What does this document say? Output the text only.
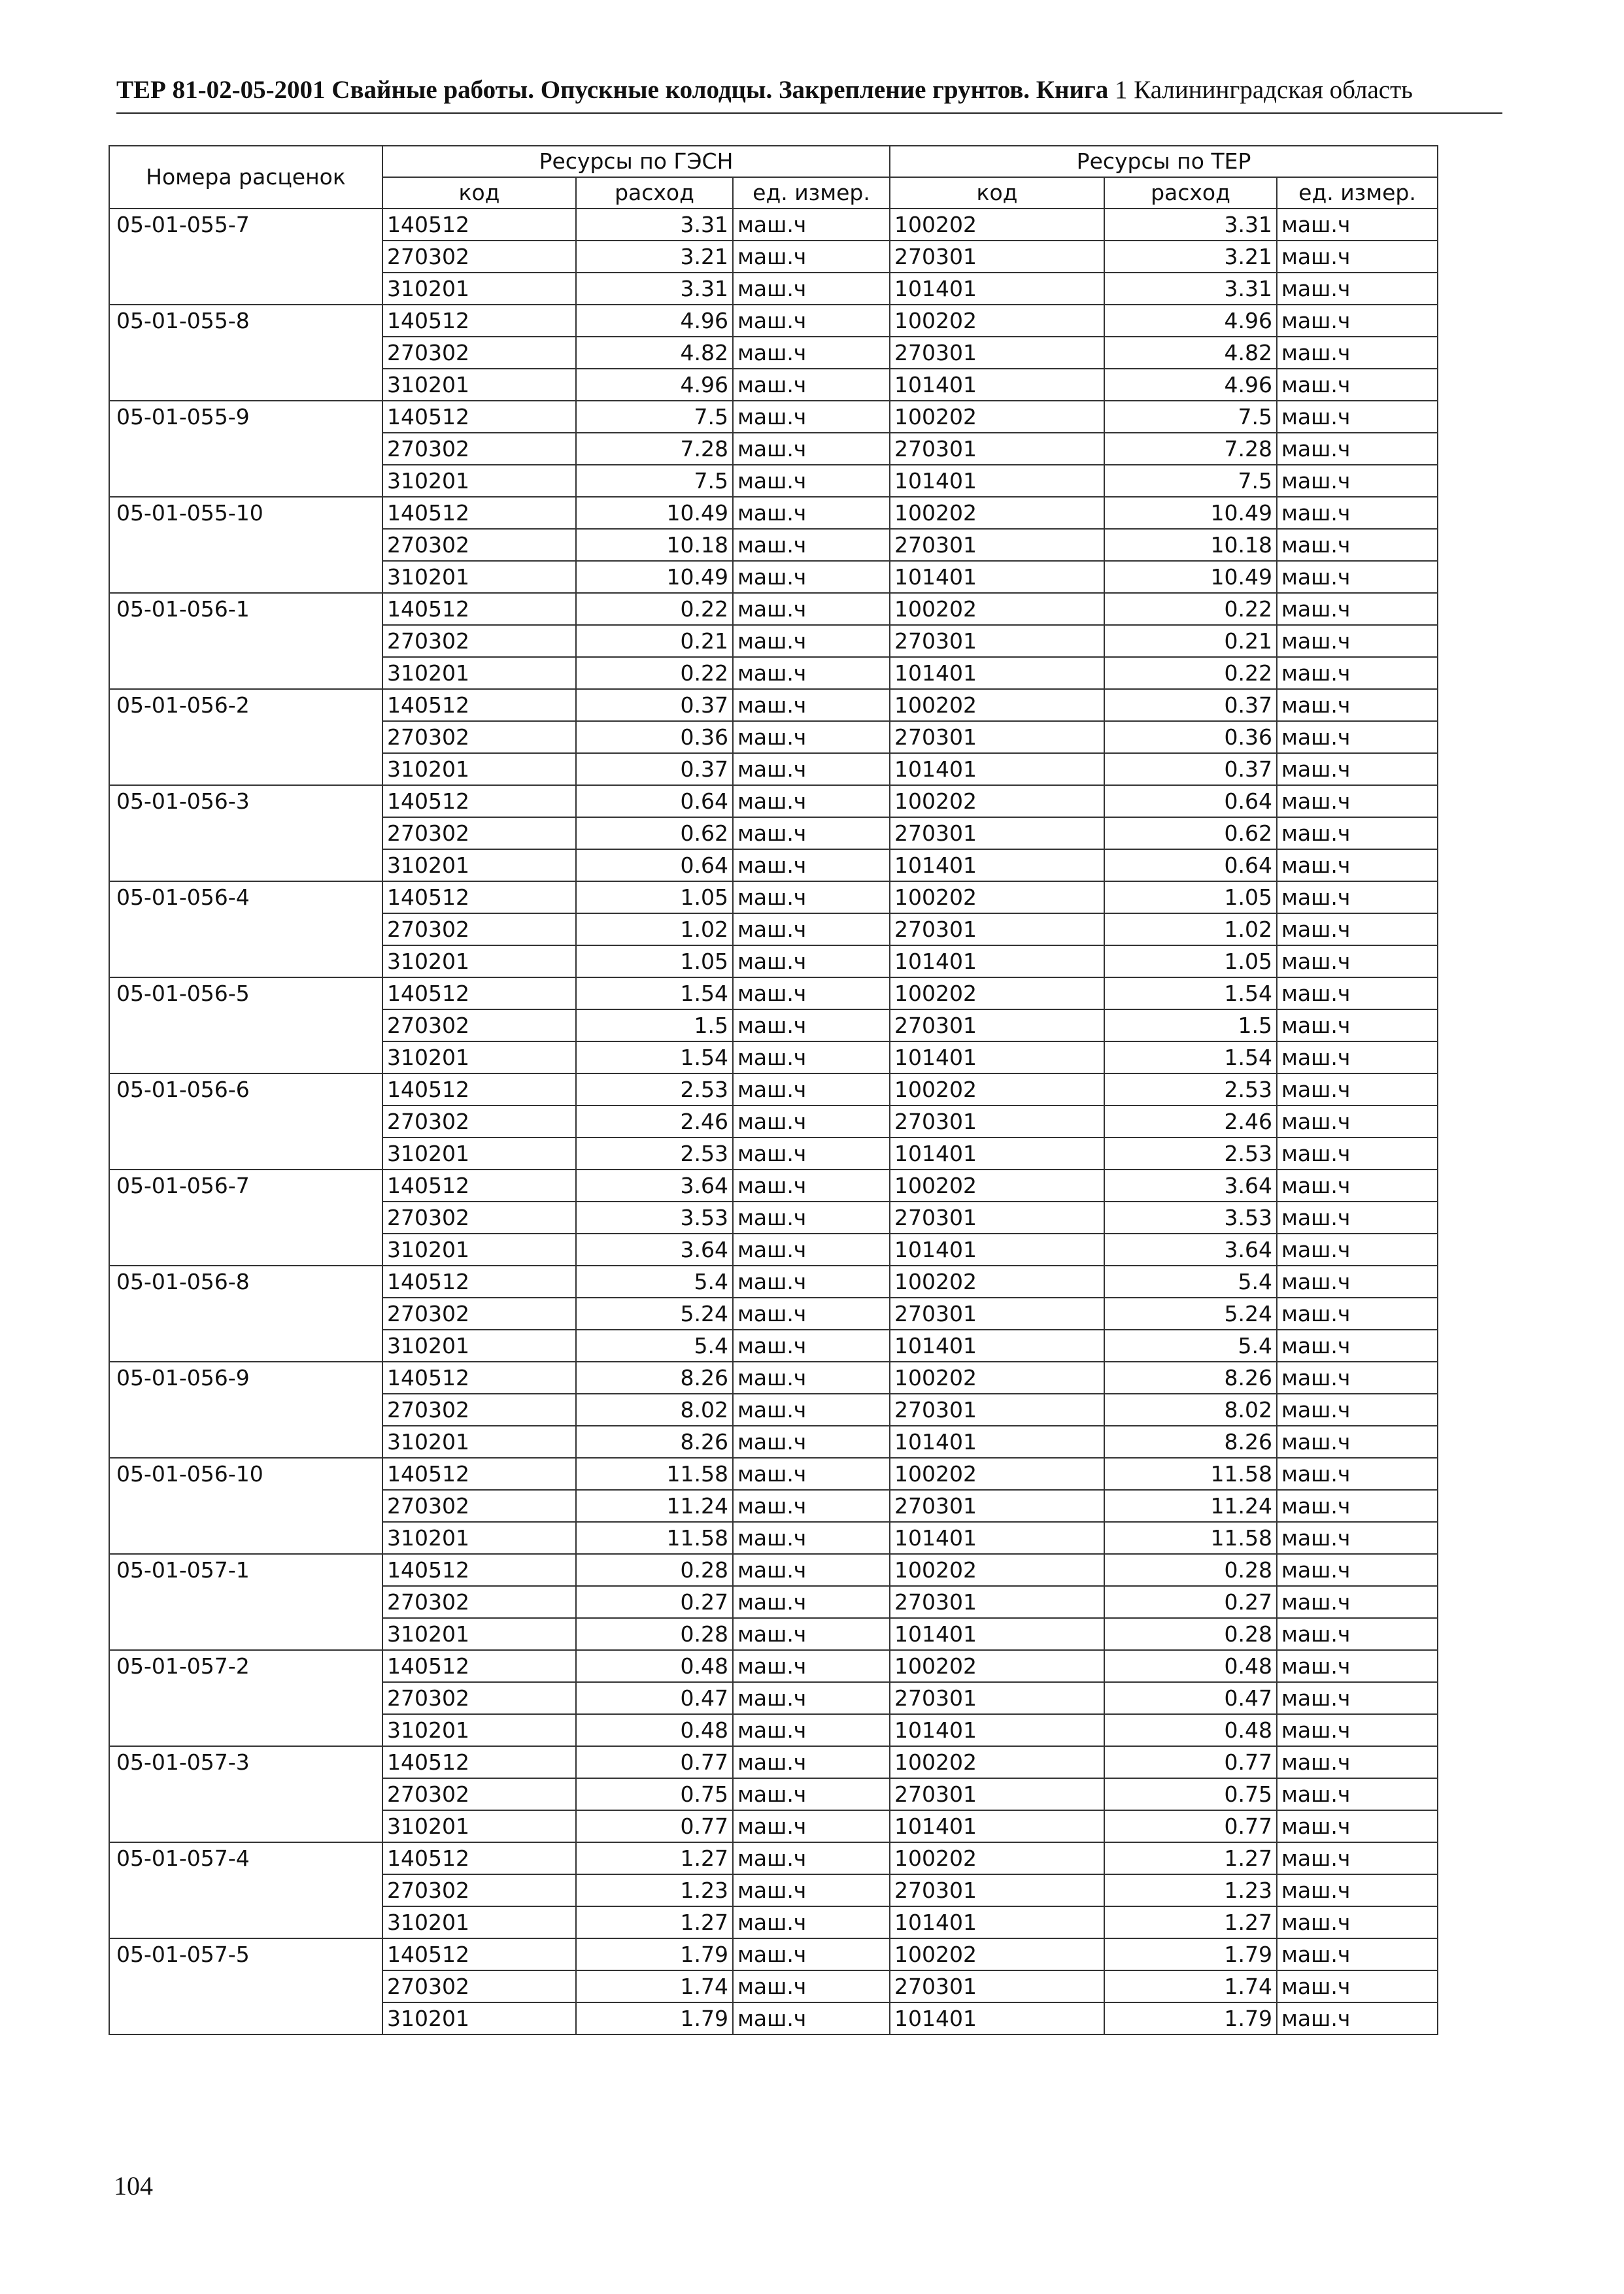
ТЕР 81-02-05-2001 Свайные работы. Опускные колодцы. Закрепление грунтов. Книга 1 Калининградская область
Номера расценок	Ресурсы по ГЭСН			Ресурсы по ТЕР		
	код	расход	ед. измер.	код	расход	ед. измер.
05-01-055-7	140512	3.31	маш.ч	100202	3.31	маш.ч
	270302	3.21	маш.ч	270301	3.21	маш.ч
	310201	3.31	маш.ч	101401	3.31	маш.ч
05-01-055-8	140512	4.96	маш.ч	100202	4.96	маш.ч
	270302	4.82	маш.ч	270301	4.82	маш.ч
	310201	4.96	маш.ч	101401	4.96	маш.ч
05-01-055-9	140512	7.5	маш.ч	100202	7.5	маш.ч
	270302	7.28	маш.ч	270301	7.28	маш.ч
	310201	7.5	маш.ч	101401	7.5	маш.ч
05-01-055-10	140512	10.49	маш.ч	100202	10.49	маш.ч
	270302	10.18	маш.ч	270301	10.18	маш.ч
	310201	10.49	маш.ч	101401	10.49	маш.ч
05-01-056-1	140512	0.22	маш.ч	100202	0.22	маш.ч
	270302	0.21	маш.ч	270301	0.21	маш.ч
	310201	0.22	маш.ч	101401	0.22	маш.ч
05-01-056-2	140512	0.37	маш.ч	100202	0.37	маш.ч
	270302	0.36	маш.ч	270301	0.36	маш.ч
	310201	0.37	маш.ч	101401	0.37	маш.ч
05-01-056-3	140512	0.64	маш.ч	100202	0.64	маш.ч
	270302	0.62	маш.ч	270301	0.62	маш.ч
	310201	0.64	маш.ч	101401	0.64	маш.ч
05-01-056-4	140512	1.05	маш.ч	100202	1.05	маш.ч
	270302	1.02	маш.ч	270301	1.02	маш.ч
	310201	1.05	маш.ч	101401	1.05	маш.ч
05-01-056-5	140512	1.54	маш.ч	100202	1.54	маш.ч
	270302	1.5	маш.ч	270301	1.5	маш.ч
	310201	1.54	маш.ч	101401	1.54	маш.ч
05-01-056-6	140512	2.53	маш.ч	100202	2.53	маш.ч
	270302	2.46	маш.ч	270301	2.46	маш.ч
	310201	2.53	маш.ч	101401	2.53	маш.ч
05-01-056-7	140512	3.64	маш.ч	100202	3.64	маш.ч
	270302	3.53	маш.ч	270301	3.53	маш.ч
	310201	3.64	маш.ч	101401	3.64	маш.ч
05-01-056-8	140512	5.4	маш.ч	100202	5.4	маш.ч
	270302	5.24	маш.ч	270301	5.24	маш.ч
	310201	5.4	маш.ч	101401	5.4	маш.ч
05-01-056-9	140512	8.26	маш.ч	100202	8.26	маш.ч
	270302	8.02	маш.ч	270301	8.02	маш.ч
	310201	8.26	маш.ч	101401	8.26	маш.ч
05-01-056-10	140512	11.58	маш.ч	100202	11.58	маш.ч
	270302	11.24	маш.ч	270301	11.24	маш.ч
	310201	11.58	маш.ч	101401	11.58	маш.ч
05-01-057-1	140512	0.28	маш.ч	100202	0.28	маш.ч
	270302	0.27	маш.ч	270301	0.27	маш.ч
	310201	0.28	маш.ч	101401	0.28	маш.ч
05-01-057-2	140512	0.48	маш.ч	100202	0.48	маш.ч
	270302	0.47	маш.ч	270301	0.47	маш.ч
	310201	0.48	маш.ч	101401	0.48	маш.ч
05-01-057-3	140512	0.77	маш.ч	100202	0.77	маш.ч
	270302	0.75	маш.ч	270301	0.75	маш.ч
	310201	0.77	маш.ч	101401	0.77	маш.ч
05-01-057-4	140512	1.27	маш.ч	100202	1.27	маш.ч
	270302	1.23	маш.ч	270301	1.23	маш.ч
	310201	1.27	маш.ч	101401	1.27	маш.ч
05-01-057-5	140512	1.79	маш.ч	100202	1.79	маш.ч
	270302	1.74	маш.ч	270301	1.74	маш.ч
	310201	1.79	маш.ч	101401	1.79	маш.ч
104
